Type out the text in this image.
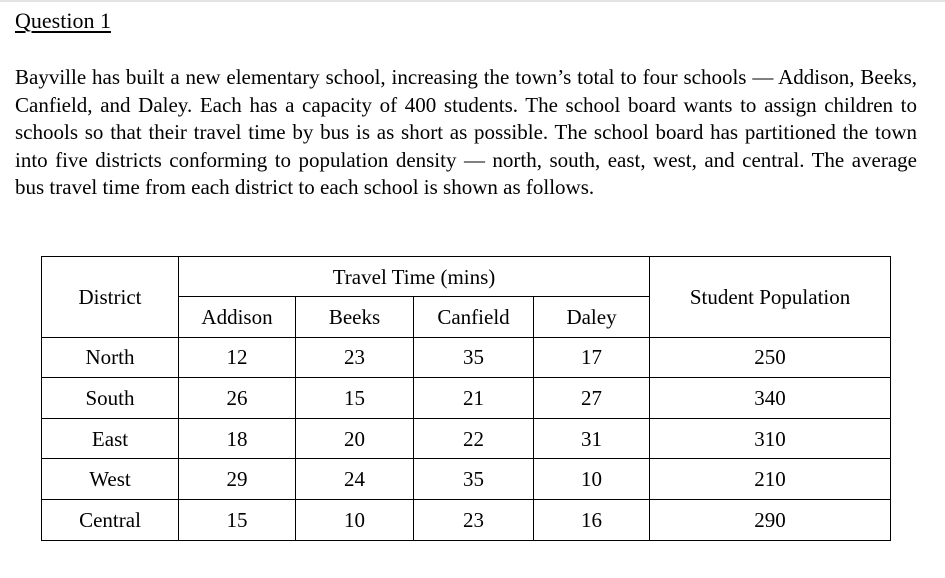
Question 1

Bayville has built a new elementary school, increasing the town’s total to four schools — Addison, Beeks, Canfield, and Daley. Each has a capacity of 400 students. The school board wants to assign children to schools so that their travel time by bus is as short as possible. The school board has partitioned the town into five districts conforming to population density — north, south, east, west, and central. The average bus travel time from each district to each school is shown as follows.

District	Travel Time (mins)				Student Population
	Addison	Beeks	Canfield	Daley	
North	12	23	35	17	250
South	26	15	21	27	340
East	18	20	22	31	310
West	29	24	35	10	210
Central	15	10	23	16	290
